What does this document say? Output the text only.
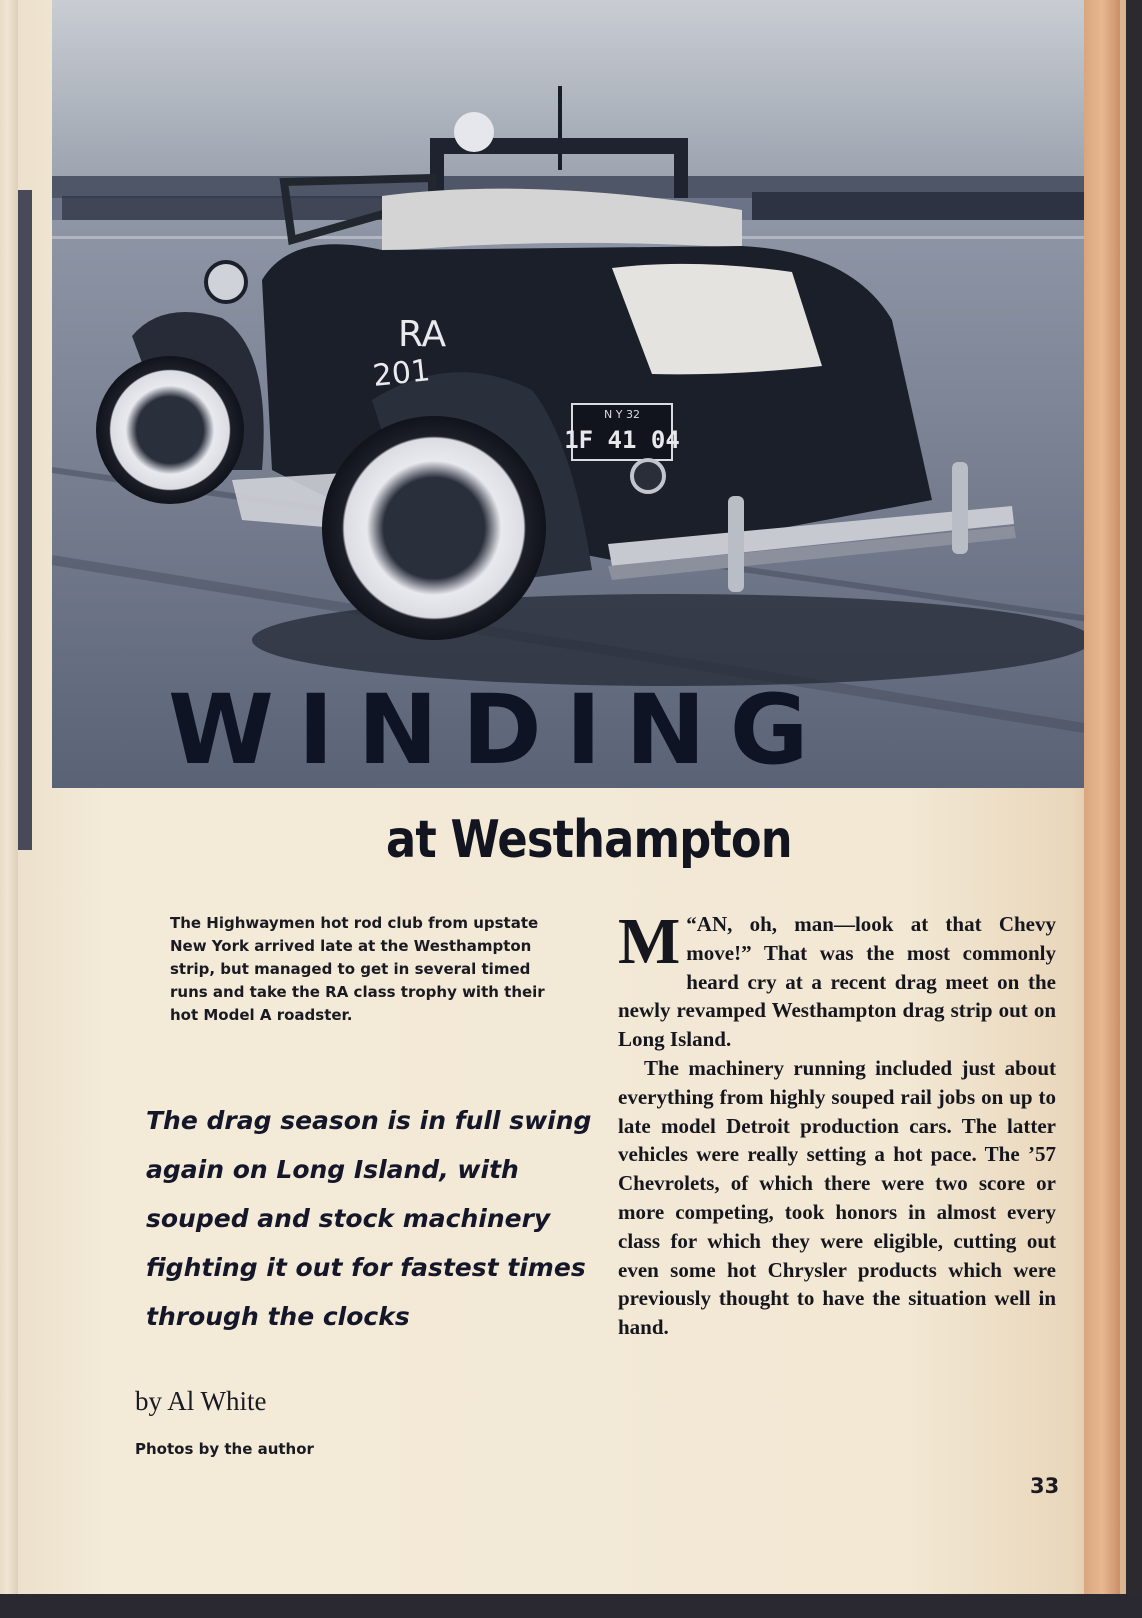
N Y 32
1F 41 04
RA
201
WINDING
at Westhampton

The Highwaymen hot rod club from upstate New York arrived late at the Westhampton strip, but managed to get in several timed runs and take the RA class trophy with their hot Model A roadster.

The drag season is in full swing again on Long Island, with souped and stock machinery fighting it out for fastest times through the clocks

by Al White

Photos by the author

“
M AN, oh, man—look at that Chevy move!” That was the most commonly heard cry at a recent drag meet on the newly revamped Westhampton drag strip out on Long Island.

The machinery running included just about everything from highly souped rail jobs on up to late model Detroit production cars. The latter vehicles were really setting a hot pace. The ’57 Chevrolets, of which there were two score or more competing, took honors in almost every class for which they were eligible, cutting out even some hot Chrysler products which were previously thought to have the situation well in hand.

33
